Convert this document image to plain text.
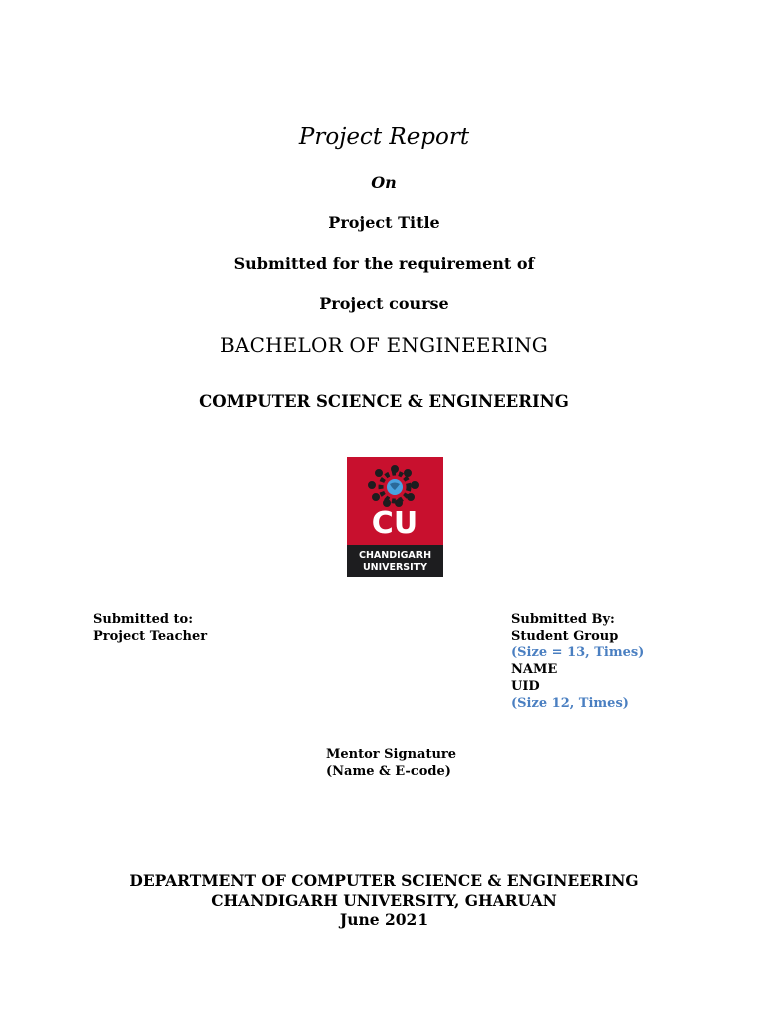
Project Report
On
Project Title
Submitted for the requirement of
Project course
BACHELOR OF ENGINEERING
COMPUTER SCIENCE & ENGINEERING
CU
CHANDIGARH
UNIVERSITY
Submitted to:
Project Teacher
Submitted By:
Student Group
(Size = 13, Times)
NAME
UID
(Size 12, Times)
Mentor Signature
(Name & E-code)
DEPARTMENT OF COMPUTER SCIENCE & ENGINEERING
CHANDIGARH UNIVERSITY, GHARUAN
June 2021
